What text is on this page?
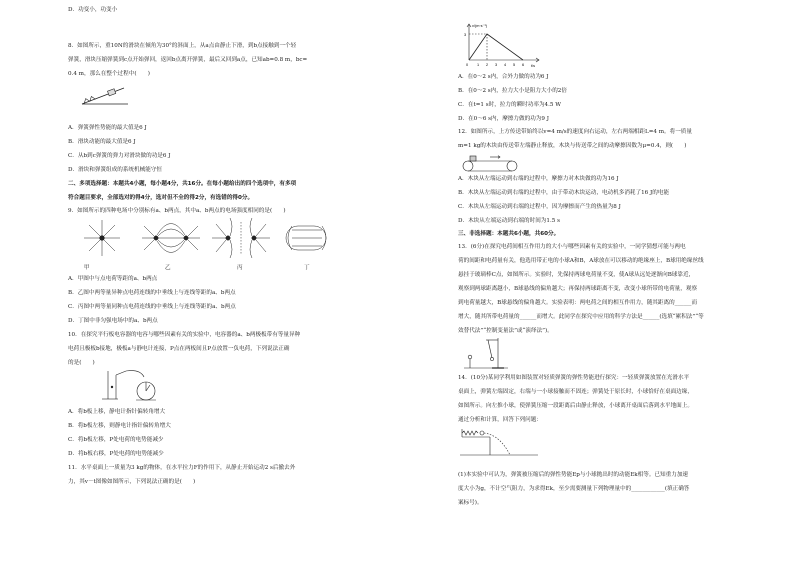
D．功变小，功变小
8．如图所示，重10N的滑块在倾角为30°的斜面上，从a点由静止下滑，到b点接触到一个轻
弹簧，滑块压缩弹簧到c点开始弹回，返回b点离开弹簧，最后又回到a点，已知ab=0.8 m，bc=
0.4 m，那么在整个过程中(　　)
A．弹簧弹性势能的最大值是6 J
B．滑块动能的最大值是6 J
C．从b到c弹簧的弹力对滑块做的功是6 J
D．滑块和弹簧组成的系统机械能守恒
二、多项选择题：本题共4小题，每小题4分，共16分。在每小题给出的四个选项中，有多项
符合题目要求，全部选对的得4分，选对但不全的得2分，有选错的得0分。
9．如图所示的四种电场中分别标有a、b两点，其中a、b两点的电场强度相同的是(　　)
甲	乙	丙	丁
A．甲图中与点电荷等距的a、b两点
B．乙图中两等量异种点电荷连线的中垂线上与连线等距的a、b两点
C．丙图中两等量同种点电荷连线的中垂线上与连线等距的a、b两点
D．丁图中非匀强电场中的a、b两点
10．在探究平行板电容器的电容与哪些因素有关的实验中，电容器的a、b两极板带有等量异种
电荷且极板b接地，极板a与静电计连接，P点在两板间且P点放置一负电荷，下列说法正确
的是(　　)
A．将b板上移，静电计指针偏转角增大
B．将b板左移，则静电计指针偏转角增大
C．将b板左移，P处电荷的电势能减少
D．将b板右移，P处电荷的电势能减少
11．水平桌面上一质量为3 kg的物体，在水平拉力F的作用下，从静止开始运动2 s后撤去外
力，其v－t图像如图所示，下列说法正确的是(　　)
v/(m·s⁻¹)
t/s
3
0 1 2 3 4 5 6
A．在0～2 s内，合外力做的功为6 J
B．在0～2 s内，拉力大小是阻力大小的2倍
C．在t=1 s时，拉力的瞬时功率为4.5 W
D．在0～6 s内，摩擦力做的功为9 J
12．如图所示，上方传送带始终以v=4 m/s的速度向右运动，左右两端相距L=4 m。将一质量
m=1 kg的木块由传送带左端静止释放，木块与传送带之间的动摩擦因数为μ=0.4，则(　　)
A．木块从左端运动到右端的过程中，摩擦力对木块做的功为16 J
B．木块从左端运动到右端的过程中，由于带动木块运动，电动机多消耗了16 J的电能
C．木块从左端运动到右端的过程中，因为摩擦而产生的热量为8 J
D．木块从左端运动到右端的时间为1.5 s
三、非选择题：本题共6小题，共60分。
13．(6分)在探究电荷间相互作用力的大小与哪些因素有关的实验中，一同学猜想可能与两电
荷的间距和电荷量有关，他选用带正电的小球A和B，A球放在可以移动的绝缘座上，B球用绝缘丝线
悬挂于玻璃棒C点，如图所示。实验时，先保持两球电荷量不变，使A球从远处逐渐向B球靠近，
观察到两球距离越小，B球悬线的偏角越大；再保持两球距离不变，改变小球所带的电荷量，观察
到电荷量越大，B球悬线的偏角越大。实验表明：两电荷之间的相互作用力，随其距离的______而
增大，随其所带电荷量的______而增大。此同学在探究中应用的科学方法是______(选填“累积法”“等
效替代法”“控制变量法”或“演绎法”)。
14．(10分)某同学利用如图装置对轻质弹簧的弹性势能进行探究：一轻质弹簧放置在光滑水平
桌面上，弹簧左端固定，右端与一小球接触而不固连；弹簧处于原长时，小球恰好在桌面边缘，
如图所示。向左推小球，使弹簧压缩一段距离后由静止释放，小球离开桌面后落到水平地面上。
通过分析和计算，回答下列问题：
(1)本实验中可认为，弹簧被压缩后的弹性势能Ep与小球抛出时的动能Ek相等。已知重力加速
度大小为g，不计空气阻力，为求得Ek，至少需要测量下列物理量中的____________(填正确答
案标号)。
